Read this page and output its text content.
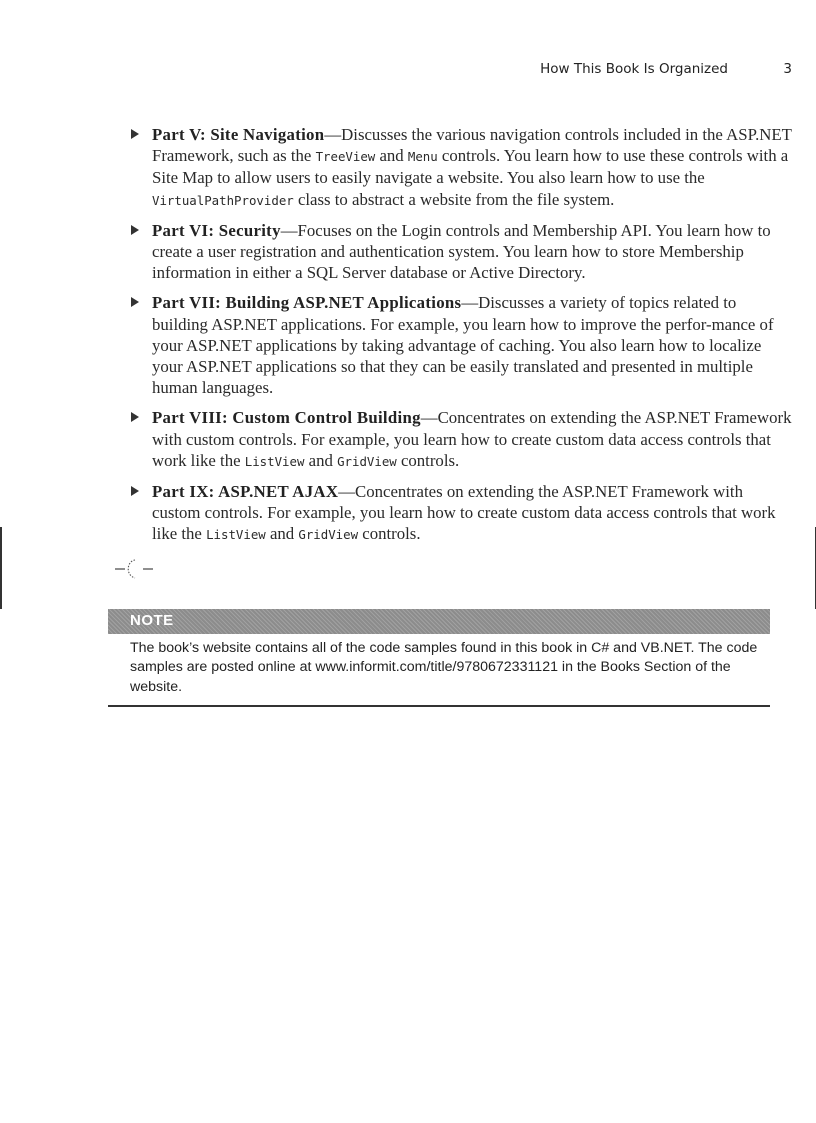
How This Book Is Organized	3

Part V: Site Navigation—Discusses the various navigation controls included in the ASP.NET Framework, such as the TreeView and Menu controls. You learn how to use these controls with a Site Map to allow users to easily navigate a website. You also learn how to use the VirtualPathProvider class to abstract a website from the file system.

Part VI: Security—Focuses on the Login controls and Membership API. You learn how to create a user registration and authentication system. You learn how to store Membership information in either a SQL Server database or Active Directory.

Part VII: Building ASP.NET Applications—Discusses a variety of topics related to building ASP.NET applications. For example, you learn how to improve the perfor-mance of your ASP.NET applications by taking advantage of caching. You also learn how to localize your ASP.NET applications so that they can be easily translated and presented in multiple human languages.

Part VIII: Custom Control Building—Concentrates on extending the ASP.NET Framework with custom controls. For example, you learn how to create custom data access controls that work like the ListView and GridView controls.

Part IX: ASP.NET AJAX—Concentrates on extending the ASP.NET Framework with custom controls. For example, you learn how to create custom data access controls that work like the ListView and GridView controls.

NOTE

The book’s website contains all of the code samples found in this book in C# and VB.NET. The code samples are posted online at www.informit.com/title/9780672331121 in the Books Section of the website.
